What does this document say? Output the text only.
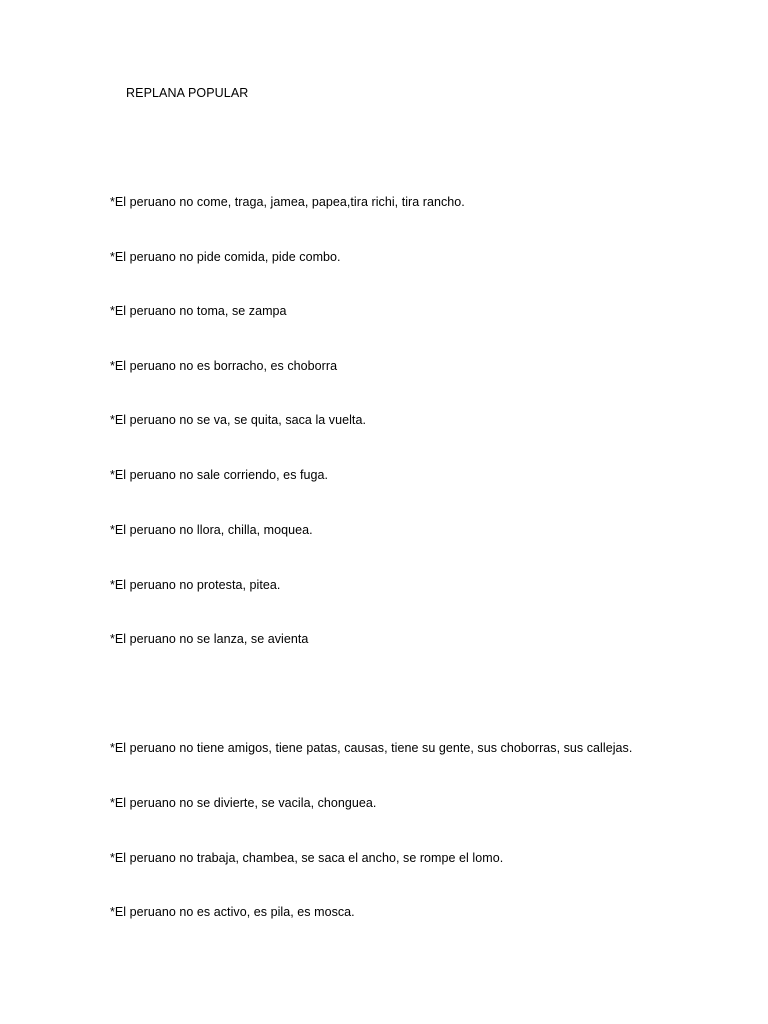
REPLANA POPULAR
*El peruano no come, traga, jamea, papea,tira richi, tira rancho.
*El peruano no pide comida, pide combo.
*El peruano no toma, se zampa
*El peruano no es borracho, es choborra
*El peruano no se va, se quita, saca la vuelta.
*El peruano no sale corriendo, es fuga.
*El peruano no llora, chilla, moquea.
*El peruano no protesta, pitea.
*El peruano no se lanza, se avienta
*El peruano no tiene amigos, tiene patas, causas, tiene su gente, sus choborras, sus callejas.
*El peruano no se divierte, se vacila, chonguea.
*El peruano no trabaja, chambea, se saca el ancho, se rompe el lomo.
*El peruano no es activo, es pila, es mosca.
